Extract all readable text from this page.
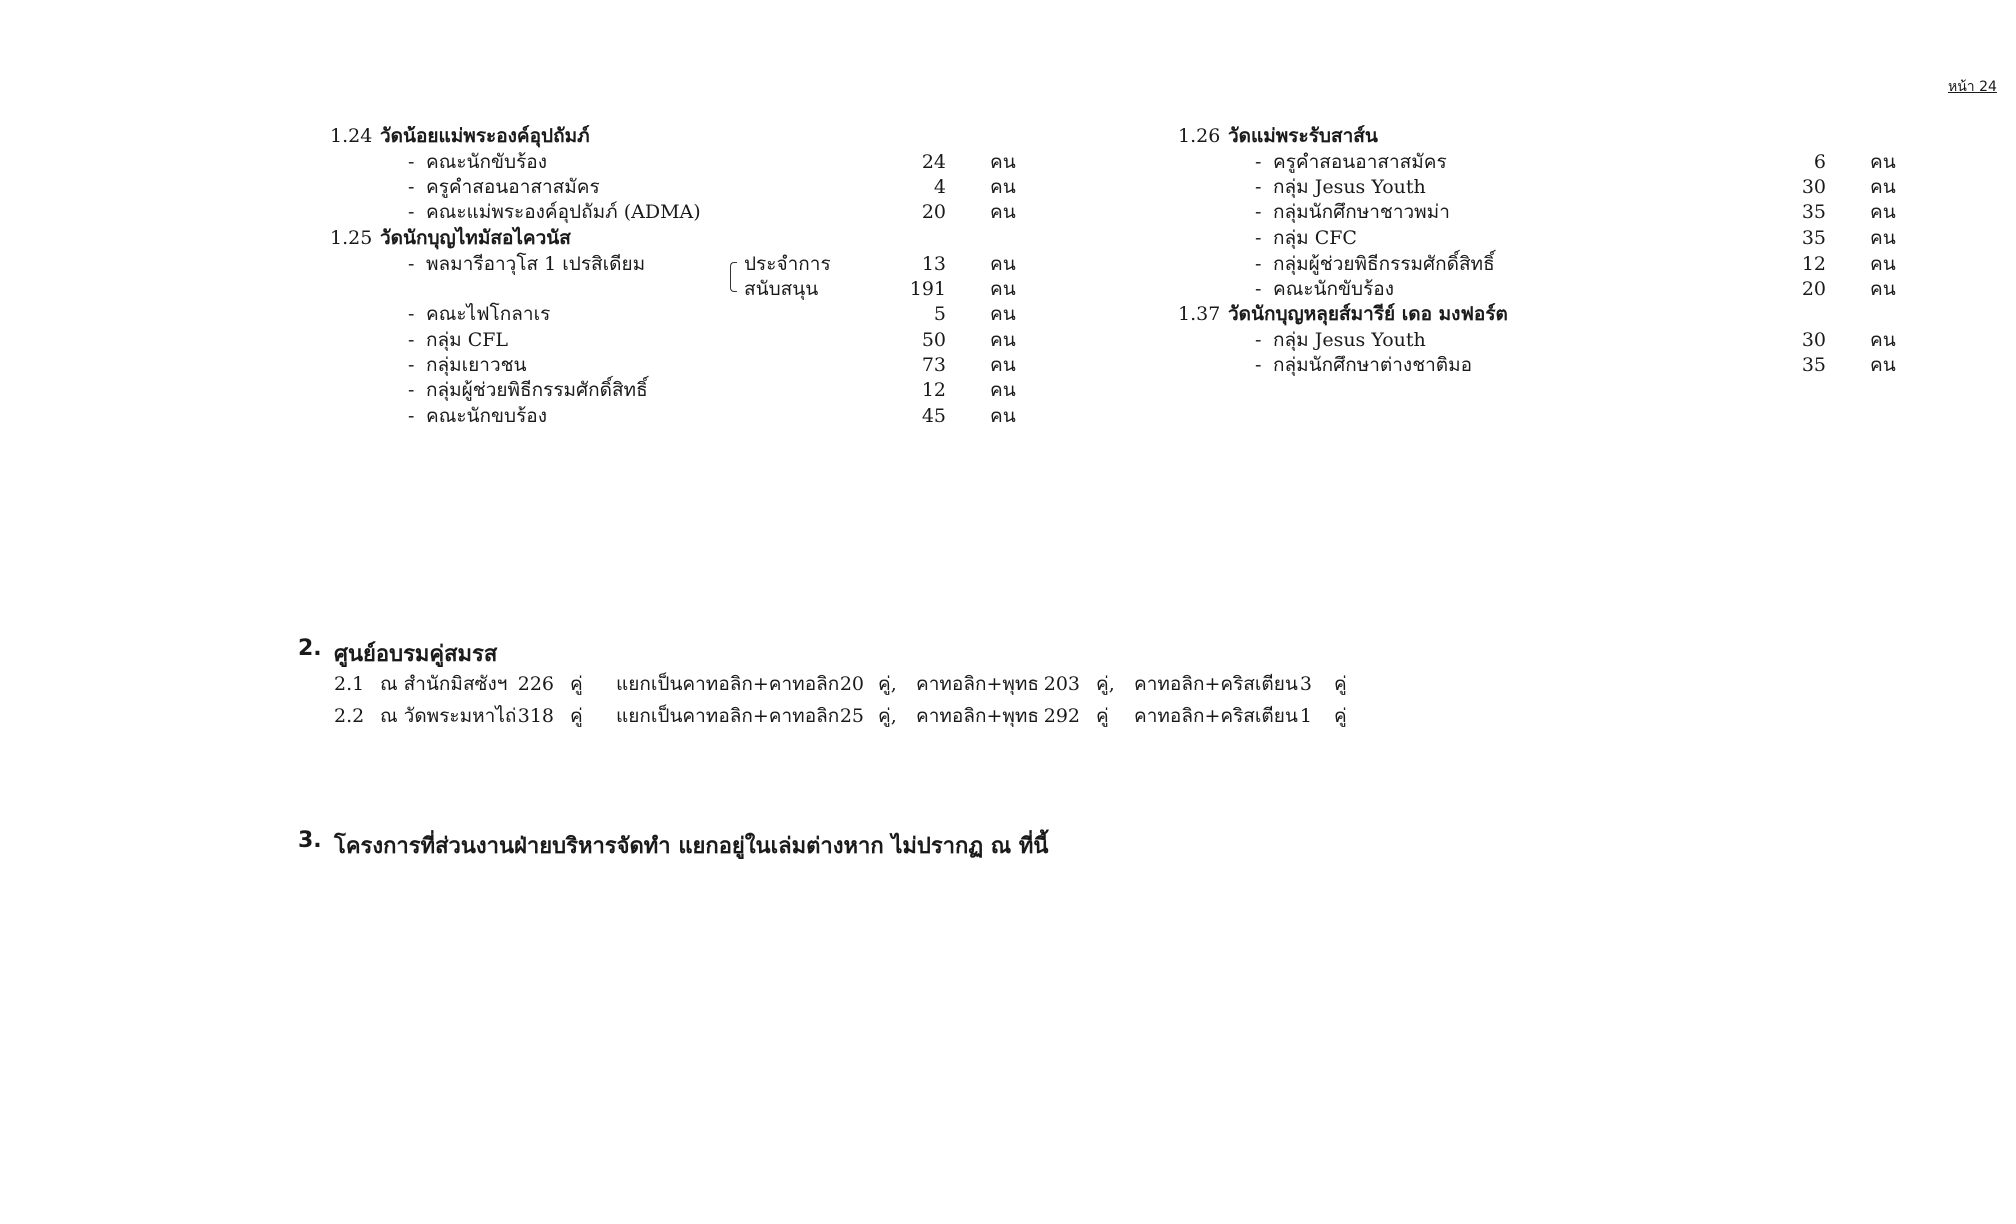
หน้า 24
1.24 วัดน้อยแม่พระองค์อุปถัมภ์
- คณะนักขับร้อง	24 คน
- ครูคำสอนอาสาสมัคร	4 คน
- คณะแม่พระองค์อุปถัมภ์ (ADMA)	20 คน
1.25 วัดนักบุญไทมัสอไควนัส
- พลมารีอาวุโส 1 เปรสิเดียม	ประจำการ	13 คน
สนับสนุน	191 คน
- คณะไฟโกลาเร	5 คน
- กลุ่ม CFL	50 คน
- กลุ่มเยาวชน	73 คน
- กลุ่มผู้ช่วยพิธีกรรมศักดิ์สิทธิ์	12 คน
- คณะนักขบร้อง	45 คน
1.26 วัดแม่พระรับสาส์น
- ครูคำสอนอาสาสมัคร	6 คน
- กลุ่ม Jesus Youth	30 คน
- กลุ่มนักศึกษาชาวพม่า	35 คน
- กลุ่ม CFC	35 คน
- กลุ่มผู้ช่วยพิธีกรรมศักดิ์สิทธิ์	12 คน
- คณะนักขับร้อง	20 คน
1.37 วัดนักบุญหลุยส์มารีย์ เดอ มงฟอร์ต
- กลุ่ม Jesus Youth	30 คน
- กลุ่มนักศึกษาต่างชาติมอ	35 คน
2. ศูนย์อบรมคู่สมรส
2.1 ณ สำนักมิสซังฯ 226 คู่ แยกเป็นคาทอลิก+คาทอลิก 20 คู่, คาทอลิก+พุทธ 203 คู่, คาทอลิก+คริสเตียน 3 คู่
2.2 ณ วัดพระมหาไถ่ 318 คู่ แยกเป็นคาทอลิก+คาทอลิก 25 คู่, คาทอลิก+พุทธ 292 คู่ คาทอลิก+คริสเตียน 1 คู่
3. โครงการที่ส่วนงานฝ่ายบริหารจัดทำ แยกอยู่ในเล่มต่างหาก ไม่ปรากฏ ณ ที่นี้
